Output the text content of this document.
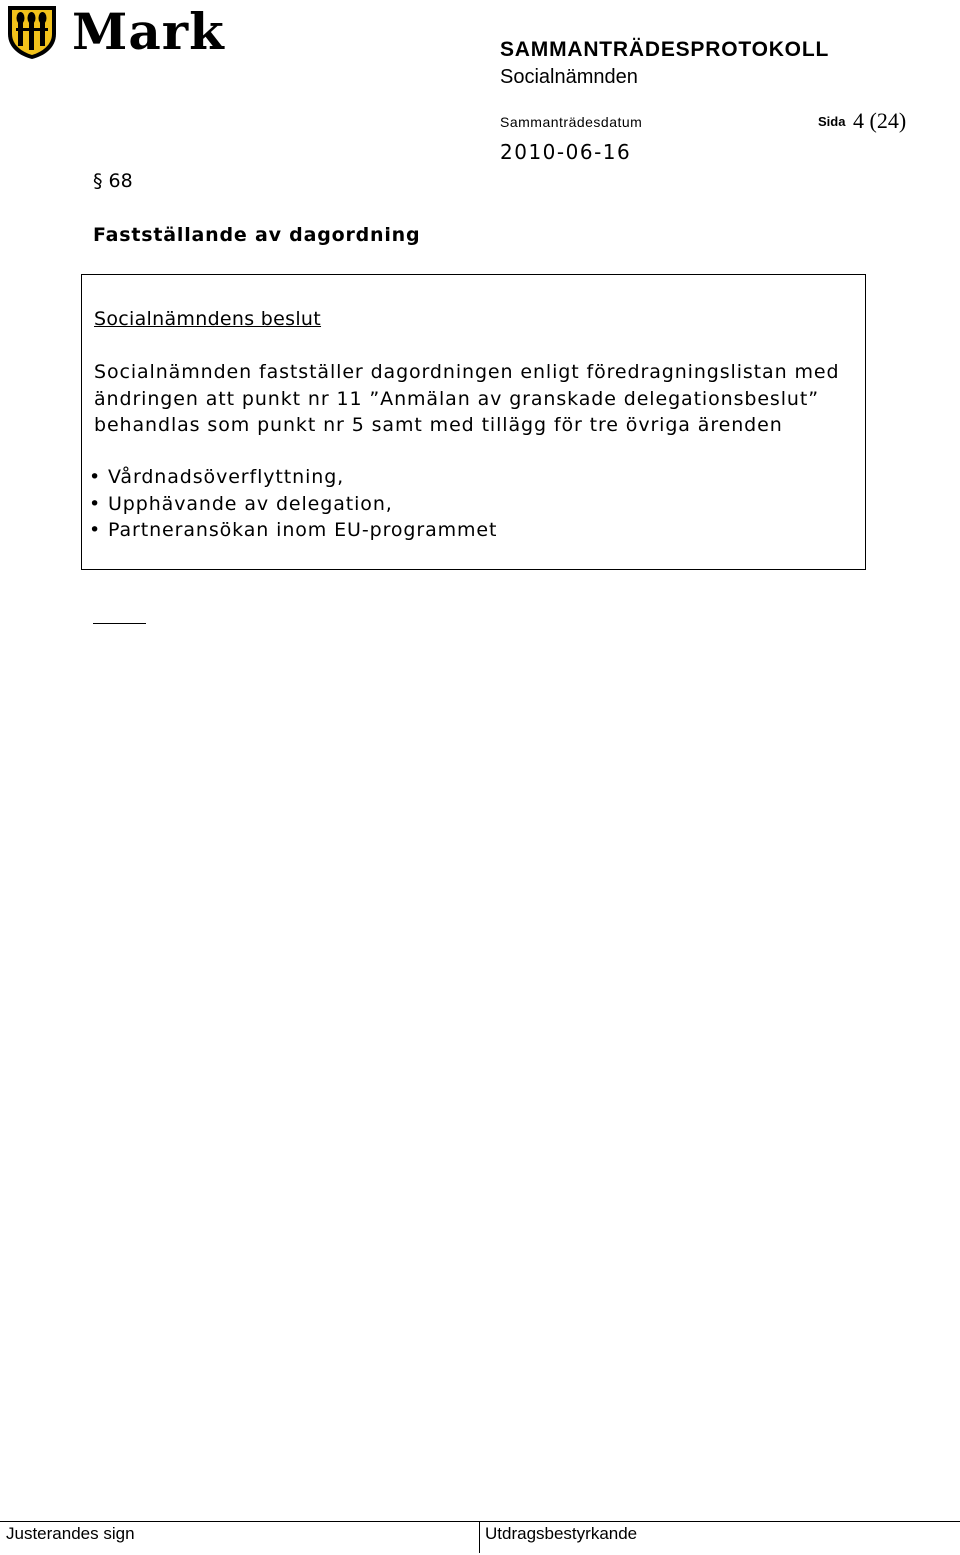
Mark	SAMMANTRÄDESPROTOKOLL
Socialnämnden
Sammanträdesdatum	Sida 4 (24)
2010-06-16
§ 68
Fastställande av dagordning
Socialnämndens beslut

Socialnämnden fastställer dagordningen enligt föredragningslistan med ändringen att punkt nr 11 ”Anmälan av granskade delegationsbeslut” behandlas som punkt nr 5 samt med tillägg för tre övriga ärenden

• Vårdnadsöverflyttning,
• Upphävande av delegation,
• Partneransökan inom EU-programmet
Justerandes sign	Utdragsbestyrkande
